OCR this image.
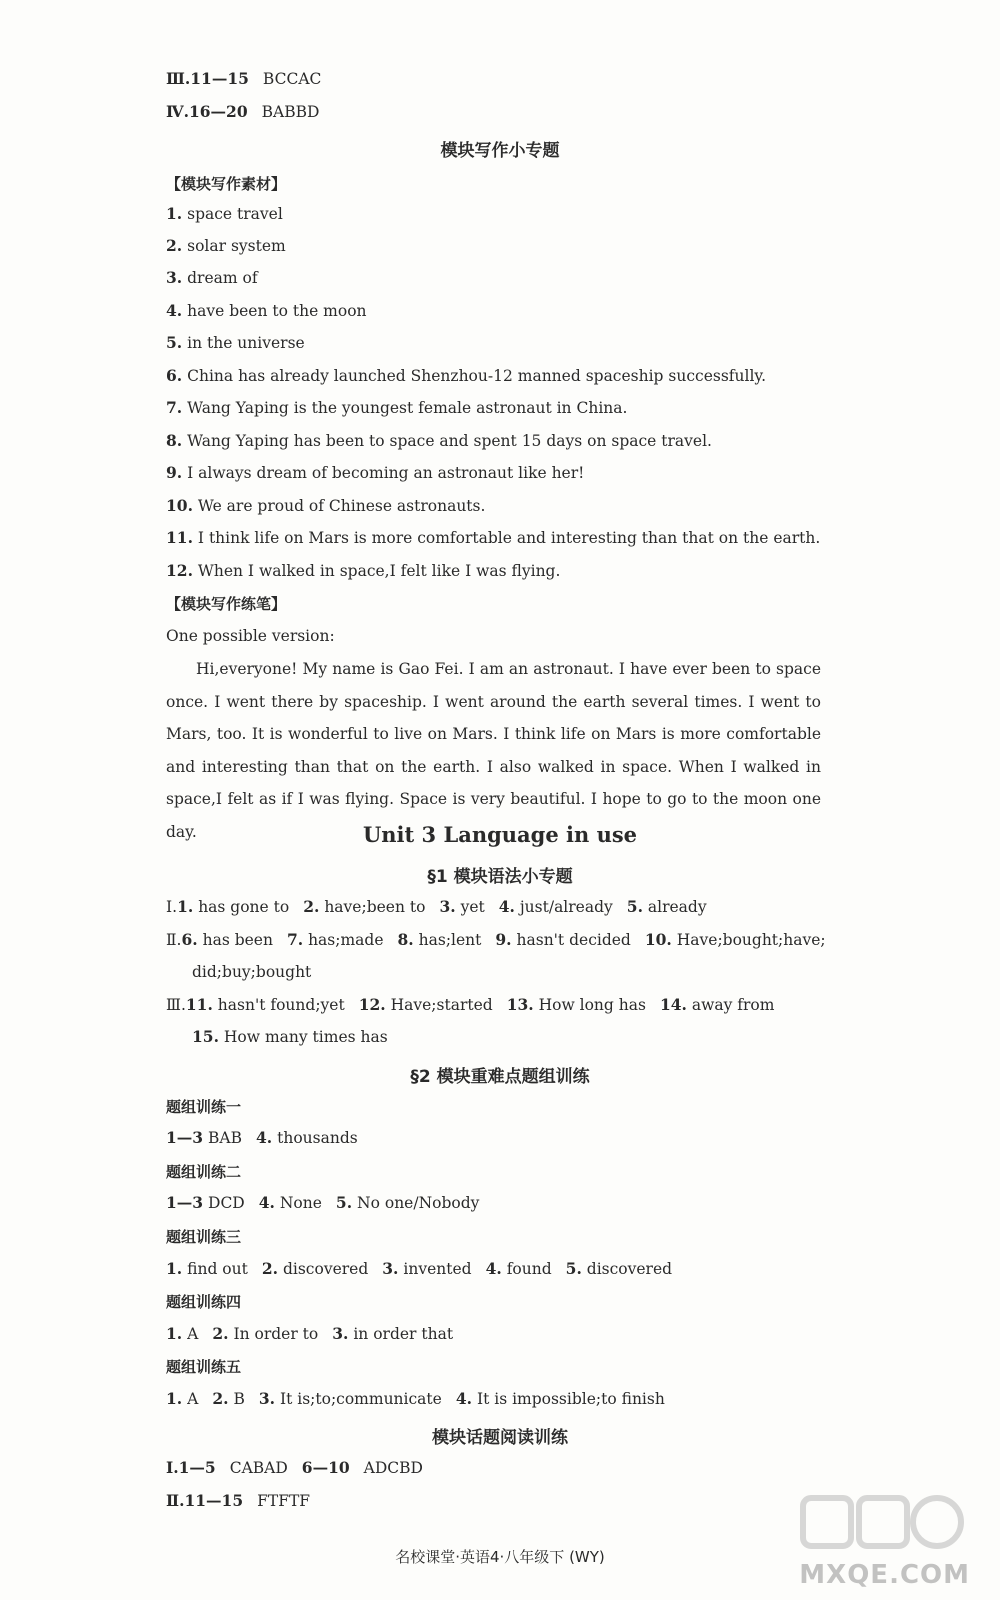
Ⅲ.11—15 BCCAC
Ⅳ.16—20 BABBD
模块写作小专题
【模块写作素材】
1. space travel
2. solar system
3. dream of
4. have been to the moon
5. in the universe
6. China has already launched Shenzhou-12 manned spaceship successfully.
7. Wang Yaping is the youngest female astronaut in China.
8. Wang Yaping has been to space and spent 15 days on space travel.
9. I always dream of becoming an astronaut like her!
10. We are proud of Chinese astronauts.
11. I think life on Mars is more comfortable and interesting than that on the earth.
12. When I walked in space,I felt like I was flying.
【模块写作练笔】
One possible version:

Hi,everyone! My name is Gao Fei. I am an astronaut. I have ever been to space once. I went there by spaceship. I went around the earth several times. I went to Mars, too. It is wonderful to live on Mars. I think life on Mars is more comfortable and interesting than that on the earth. I also walked in space. When I walked in space,I felt as if I was flying. Space is very beautiful. I hope to go to the moon one day.	Unit 3 Language in use
§1 模块语法小专题
Ⅰ.1. has gone to 2. have;been to 3. yet 4. just/already 5. already
Ⅱ.6. has been 7. has;made 8. has;lent 9. hasn't decided 10. Have;bought;have;
did;buy;bought
Ⅲ.11. hasn't found;yet 12. Have;started 13. How long has 14. away from
15. How many times has
§2 模块重难点题组训练
题组训练一
1—3 BAB 4. thousands
题组训练二
1—3 DCD 4. None 5. No one/Nobody
题组训练三
1. find out 2. discovered 3. invented 4. found 5. discovered
题组训练四
1. A 2. In order to 3. in order that
题组训练五
1. A 2. B 3. It is;to;communicate 4. It is impossible;to finish
模块话题阅读训练
Ⅰ.1—5 CABAD 6—10 ADCBD
Ⅱ.11—15 FTFTF
名校课堂·英语4·八年级下 (WY)
MXQE.COM
